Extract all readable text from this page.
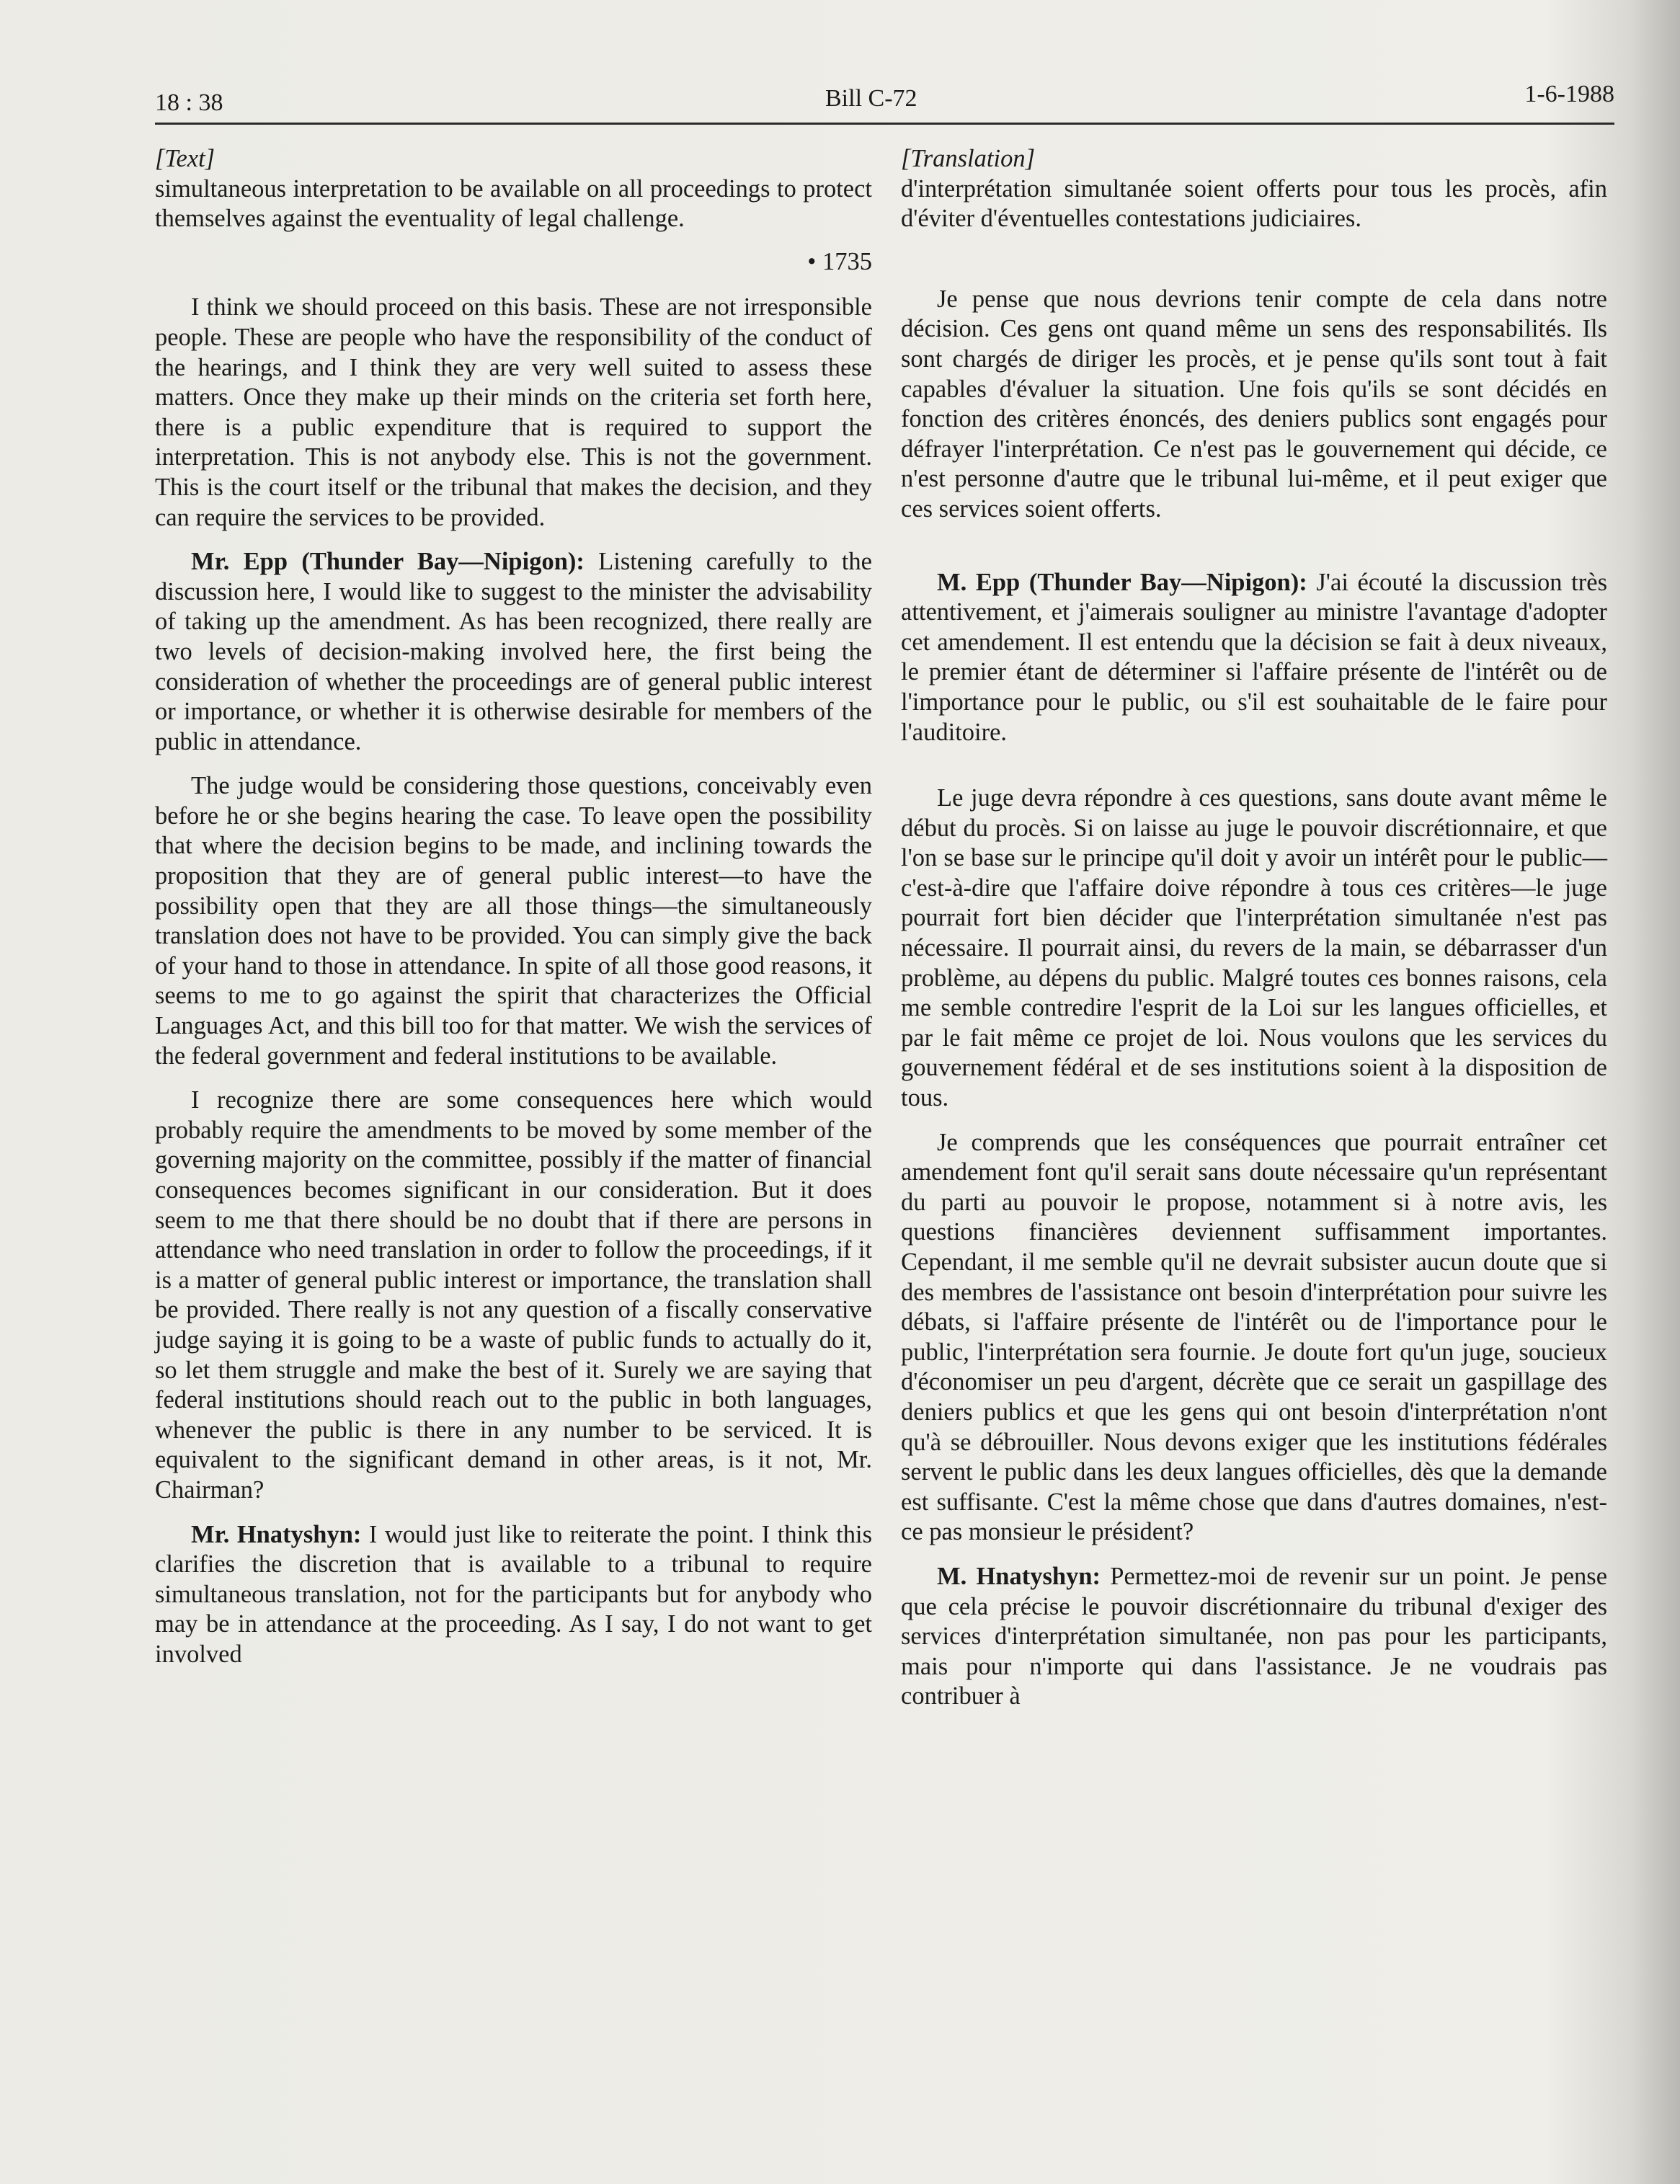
18 : 38	Bill C-72	1-6-1988
[Text]

simultaneous interpretation to be available on all proceedings to protect themselves against the eventuality of legal challenge.

• 1735

I think we should proceed on this basis. These are not irresponsible people. These are people who have the responsibility of the conduct of the hearings, and I think they are very well suited to assess these matters. Once they make up their minds on the criteria set forth here, there is a public expenditure that is required to support the interpretation. This is not anybody else. This is not the government. This is the court itself or the tribunal that makes the decision, and they can require the services to be provided.

Mr. Epp (Thunder Bay—Nipigon): Listening carefully to the discussion here, I would like to suggest to the minister the advisability of taking up the amendment. As has been recognized, there really are two levels of decision-making involved here, the first being the consideration of whether the proceedings are of general public interest or importance, or whether it is otherwise desirable for members of the public in attendance.

The judge would be considering those questions, conceivably even before he or she begins hearing the case. To leave open the possibility that where the decision begins to be made, and inclining towards the proposition that they are of general public interest—to have the possibility open that they are all those things—the simultaneously translation does not have to be provided. You can simply give the back of your hand to those in attendance. In spite of all those good reasons, it seems to me to go against the spirit that characterizes the Official Languages Act, and this bill too for that matter. We wish the services of the federal government and federal institutions to be available.

I recognize there are some consequences here which would probably require the amendments to be moved by some member of the governing majority on the committee, possibly if the matter of financial consequences becomes significant in our consideration. But it does seem to me that there should be no doubt that if there are persons in attendance who need translation in order to follow the proceedings, if it is a matter of general public interest or importance, the translation shall be provided. There really is not any question of a fiscally conservative judge saying it is going to be a waste of public funds to actually do it, so let them struggle and make the best of it. Surely we are saying that federal institutions should reach out to the public in both languages, whenever the public is there in any number to be serviced. It is equivalent to the significant demand in other areas, is it not, Mr. Chairman?

Mr. Hnatyshyn: I would just like to reiterate the point. I think this clarifies the discretion that is available to a tribunal to require simultaneous translation, not for the participants but for anybody who may be in attendance at the proceeding. As I say, I do not want to get involved

[Translation]

d'interprétation simultanée soient offerts pour tous les procès, afin d'éviter d'éventuelles contestations judiciaires.

Je pense que nous devrions tenir compte de cela dans notre décision. Ces gens ont quand même un sens des responsabilités. Ils sont chargés de diriger les procès, et je pense qu'ils sont tout à fait capables d'évaluer la situation. Une fois qu'ils se sont décidés en fonction des critères énoncés, des deniers publics sont engagés pour défrayer l'interprétation. Ce n'est pas le gouvernement qui décide, ce n'est personne d'autre que le tribunal lui-même, et il peut exiger que ces services soient offerts.

M. Epp (Thunder Bay—Nipigon): J'ai écouté la discussion très attentivement, et j'aimerais souligner au ministre l'avantage d'adopter cet amendement. Il est entendu que la décision se fait à deux niveaux, le premier étant de déterminer si l'affaire présente de l'intérêt ou de l'importance pour le public, ou s'il est souhaitable de le faire pour l'auditoire.

Le juge devra répondre à ces questions, sans doute avant même le début du procès. Si on laisse au juge le pouvoir discrétionnaire, et que l'on se base sur le principe qu'il doit y avoir un intérêt pour le public—c'est-à-dire que l'affaire doive répondre à tous ces critères—le juge pourrait fort bien décider que l'interprétation simultanée n'est pas nécessaire. Il pourrait ainsi, du revers de la main, se débarrasser d'un problème, au dépens du public. Malgré toutes ces bonnes raisons, cela me semble contredire l'esprit de la Loi sur les langues officielles, et par le fait même ce projet de loi. Nous voulons que les services du gouvernement fédéral et de ses institutions soient à la disposition de tous.

Je comprends que les conséquences que pourrait entraîner cet amendement font qu'il serait sans doute nécessaire qu'un représentant du parti au pouvoir le propose, notamment si à notre avis, les questions financières deviennent suffisamment importantes. Cependant, il me semble qu'il ne devrait subsister aucun doute que si des membres de l'assistance ont besoin d'interprétation pour suivre les débats, si l'affaire présente de l'intérêt ou de l'importance pour le public, l'interprétation sera fournie. Je doute fort qu'un juge, soucieux d'économiser un peu d'argent, décrète que ce serait un gaspillage des deniers publics et que les gens qui ont besoin d'interprétation n'ont qu'à se débrouiller. Nous devons exiger que les institutions fédérales servent le public dans les deux langues officielles, dès que la demande est suffisante. C'est la même chose que dans d'autres domaines, n'est-ce pas monsieur le président?

M. Hnatyshyn: Permettez-moi de revenir sur un point. Je pense que cela précise le pouvoir discrétionnaire du tribunal d'exiger des services d'interprétation simultanée, non pas pour les participants, mais pour n'importe qui dans l'assistance. Je ne voudrais pas contribuer à
